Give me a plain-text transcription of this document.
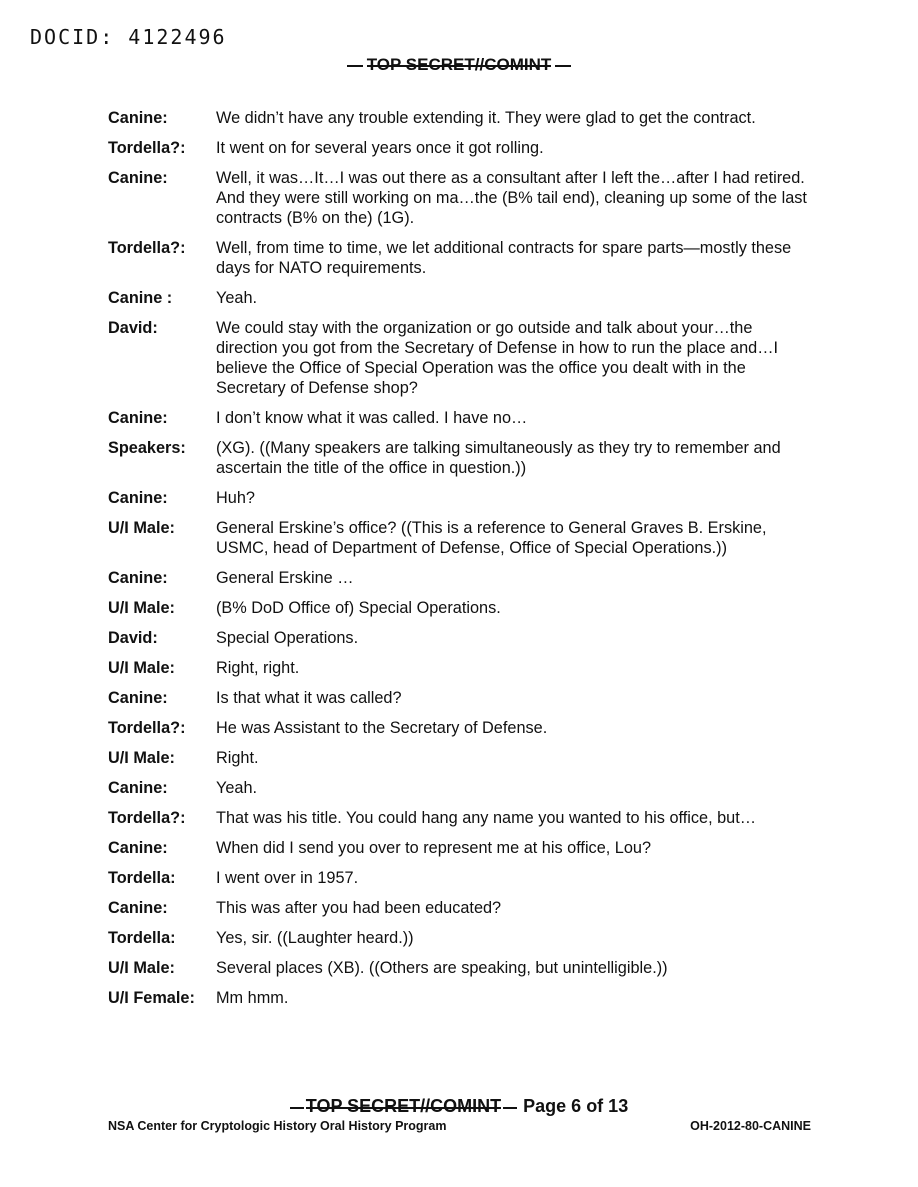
DOCID: 4122496
TOP SECRET//COMINT
Canine:	We didn’t have any trouble extending it. They were glad to get the contract.
Tordella?:	It went on for several years once it got rolling.
Canine:	Well, it was…It…I was out there as a consultant after I left the…after I had retired. And they were still working on ma…the (B% tail end), cleaning up some of the last contracts (B% on the) (1G).
Tordella?:	Well, from time to time, we let additional contracts for spare parts—mostly these days for NATO requirements.
Canine :	Yeah.
David:	We could stay with the organization or go outside and talk about your…the direction you got from the Secretary of Defense in how to run the place and…I believe the Office of Special Operation was the office you dealt with in the Secretary of Defense shop?
Canine:	I don’t know what it was called. I have no…
Speakers:	(XG). ((Many speakers are talking simultaneously as they try to remember and ascertain the title of the office in question.))
Canine:	Huh?
U/I Male:	General Erskine’s office? ((This is a reference to General Graves B. Erskine, USMC, head of Department of Defense, Office of Special Operations.))
Canine:	General Erskine …
U/I Male:	(B% DoD Office of) Special Operations.
David:	Special Operations.
U/I Male:	Right, right.
Canine:	Is that what it was called?
Tordella?:	He was Assistant to the Secretary of Defense.
U/I Male:	Right.
Canine:	Yeah.
Tordella?:	That was his title. You could hang any name you wanted to his office, but…
Canine:	When did I send you over to represent me at his office, Lou?
Tordella:	I went over in 1957.
Canine:	This was after you had been educated?
Tordella:	Yes, sir. ((Laughter heard.))
U/I Male:	Several places (XB). ((Others are speaking, but unintelligible.))
U/I Female:	Mm hmm.
TOP SECRET//COMINT Page 6 of 13
NSA Center for Cryptologic History Oral History Program	OH-2012-80-CANINE
